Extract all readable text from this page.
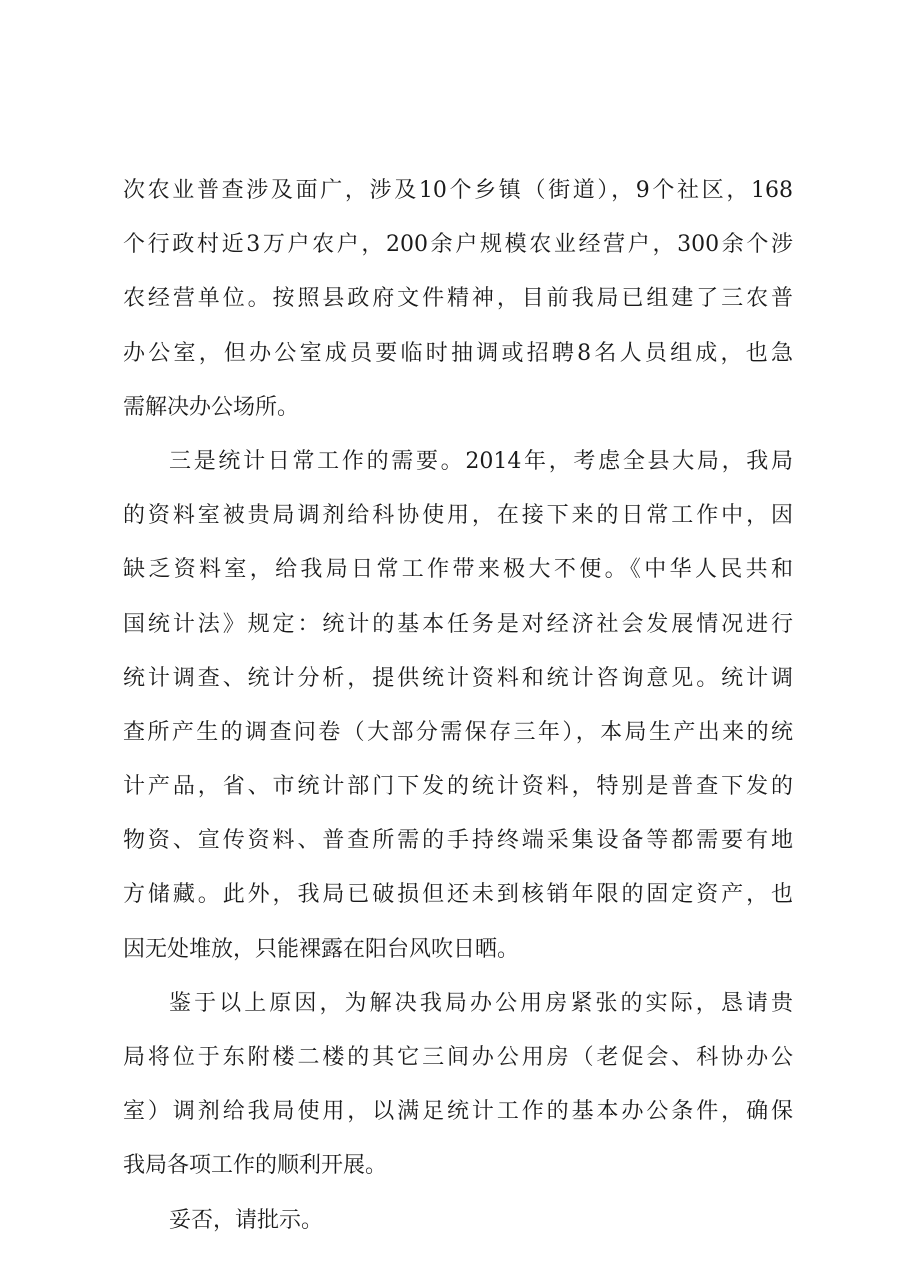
次农业普查涉及面广，涉及10个乡镇（街道），9个社区，168
个行政村近3万户农户，200余户规模农业经营户，300余个涉
农经营单位。按照县政府文件精神，目前我局已组建了三农普
办公室，但办公室成员要临时抽调或招聘8名人员组成，也急
需解决办公场所。
三是统计日常工作的需要。2014年，考虑全县大局，我局
的资料室被贵局调剂给科协使用，在接下来的日常工作中，因
缺乏资料室，给我局日常工作带来极大不便。《中华人民共和
国统计法》规定：统计的基本任务是对经济社会发展情况进行
统计调查、统计分析，提供统计资料和统计咨询意见。统计调
查所产生的调查问卷（大部分需保存三年），本局生产出来的统
计产品，省、市统计部门下发的统计资料，特别是普查下发的
物资、宣传资料、普查所需的手持终端采集设备等都需要有地
方储藏。此外，我局已破损但还未到核销年限的固定资产，也
因无处堆放，只能裸露在阳台风吹日晒。
鉴于以上原因，为解决我局办公用房紧张的实际，恳请贵
局将位于东附楼二楼的其它三间办公用房（老促会、科协办公
室）调剂给我局使用，以满足统计工作的基本办公条件，确保
我局各项工作的顺利开展。
妥否，请批示。
